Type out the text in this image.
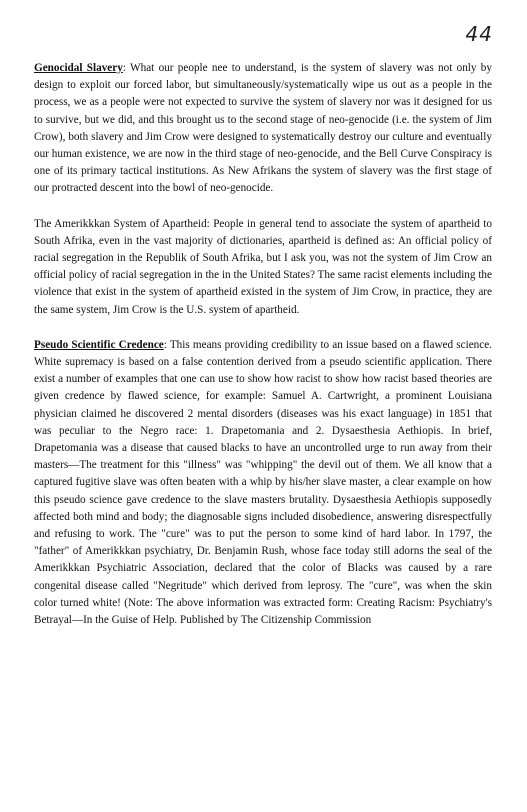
44

Genocidal Slavery: What our people nee to understand, is the system of slavery was not only by design to exploit our forced labor, but simultaneously/systematically wipe us out as a people in the process, we as a people were not expected to survive the system of slavery nor was it designed for us to survive, but we did, and this brought us to the second stage of neo-genocide (i.e. the system of Jim Crow), both slavery and Jim Crow were designed to systematically destroy our culture and eventually our human existence, we are now in the third stage of neo-genocide, and the Bell Curve Conspiracy is one of its primary tactical institutions. As New Afrikans the system of slavery was the first stage of our protracted descent into the bowl of neo-genocide.

The Amerikkkan System of Apartheid: People in general tend to associate the system of apartheid to South Afrika, even in the vast majority of dictionaries, apartheid is defined as: An official policy of racial segregation in the Republik of South Afrika, but I ask you, was not the system of Jim Crow an official policy of racial segregation in the in the United States? The same racist elements including the violence that exist in the system of apartheid existed in the system of Jim Crow, in practice, they are the same system, Jim Crow is the U.S. system of apartheid.

Pseudo Scientific Credence: This means providing credibility to an issue based on a flawed science. White supremacy is based on a false contention derived from a pseudo scientific application. There exist a number of examples that one can use to show how racist to show how racist based theories are given credence by flawed science, for example: Samuel A. Cartwright, a prominent Louisiana physician claimed he discovered 2 mental disorders (diseases was his exact language) in 1851 that was peculiar to the Negro race: 1. Drapetomania and 2. Dysaesthesia Aethiopis. In brief, Drapetomania was a disease that caused blacks to have an uncontrolled urge to run away from their masters—The treatment for this "illness" was "whipping" the devil out of them. We all know that a captured fugitive slave was often beaten with a whip by his/her slave master, a clear example on how this pseudo science gave credence to the slave masters brutality. Dysaesthesia Aethiopis supposedly affected both mind and body; the diagnosable signs included disobedience, answering disrespectfully and refusing to work. The "cure" was to put the person to some kind of hard labor. In 1797, the "father" of Amerikkkan psychiatry, Dr. Benjamin Rush, whose face today still adorns the seal of the Amerikkkan Psychiatric Association, declared that the color of Blacks was caused by a rare congenital disease called "Negritude" which derived from leprosy. The "cure", was when the skin color turned white! (Note: The above information was extracted form: Creating Racism: Psychiatry's Betrayal—In the Guise of Help. Published by The Citizenship Commission
